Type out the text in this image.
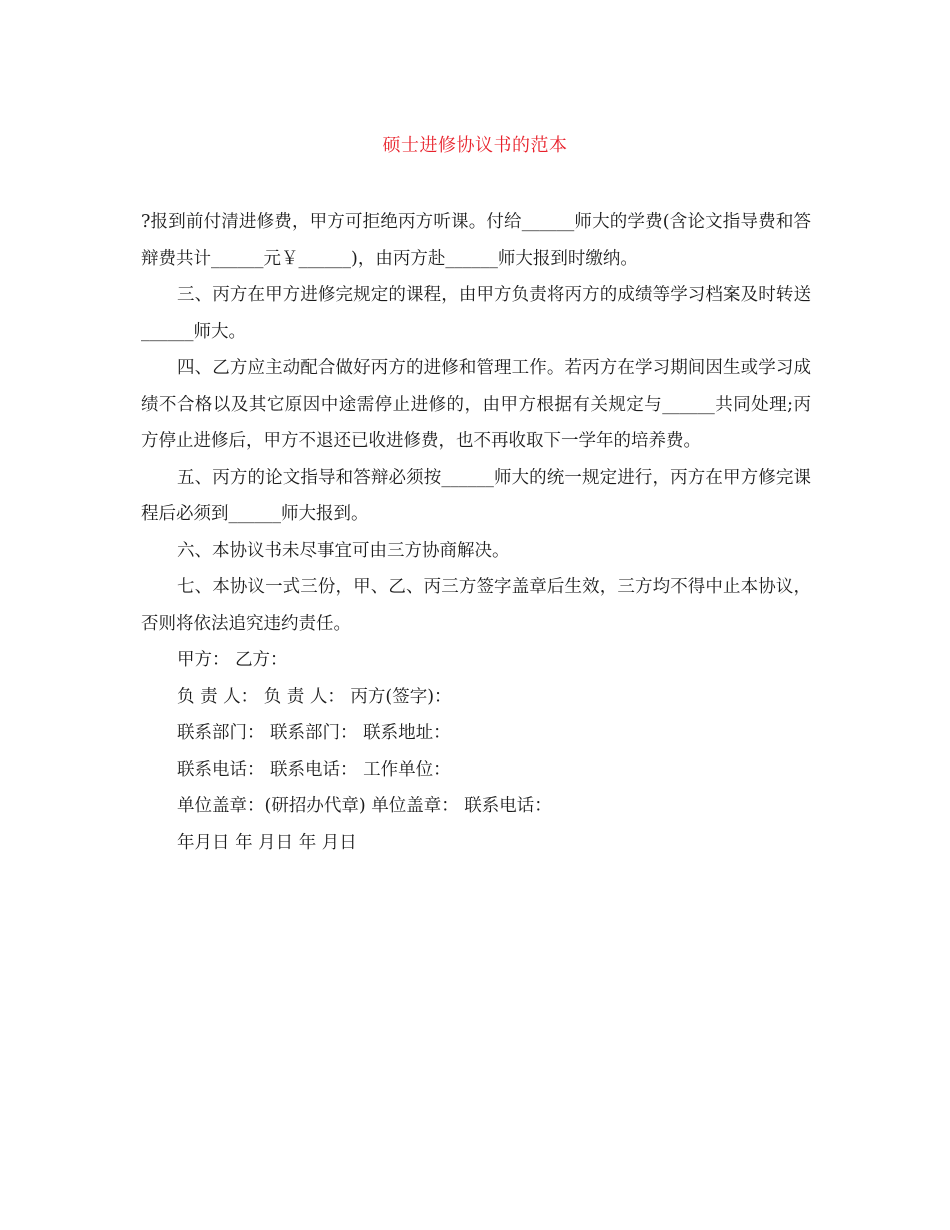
硕士进修协议书的范本

?报到前付清进修费，甲方可拒绝丙方听课。付给______师大的学费(含论文指导费和答辩费共计______元￥______)，由丙方赴______师大报到时缴纳。

三、丙方在甲方进修完规定的课程，由甲方负责将丙方的成绩等学习档案及时转送______师大。

四、乙方应主动配合做好丙方的进修和管理工作。若丙方在学习期间因生或学习成绩不合格以及其它原因中途需停止进修的，由甲方根据有关规定与______共同处理;丙方停止进修后，甲方不退还已收进修费，也不再收取下一学年的培养费。

五、丙方的论文指导和答辩必须按______师大的统一规定进行，丙方在甲方修完课程后必须到______师大报到。

六、本协议书未尽事宜可由三方协商解决。

七、本协议一式三份，甲、乙、丙三方签字盖章后生效，三方均不得中止本协议，否则将依法追究违约责任。

甲方： 乙方：

负 责 人： 负 责 人： 丙方(签字)：

联系部门： 联系部门： 联系地址：

联系电话： 联系电话： 工作单位：

单位盖章：(研招办代章) 单位盖章： 联系电话：

年月日 年 月日 年 月日
